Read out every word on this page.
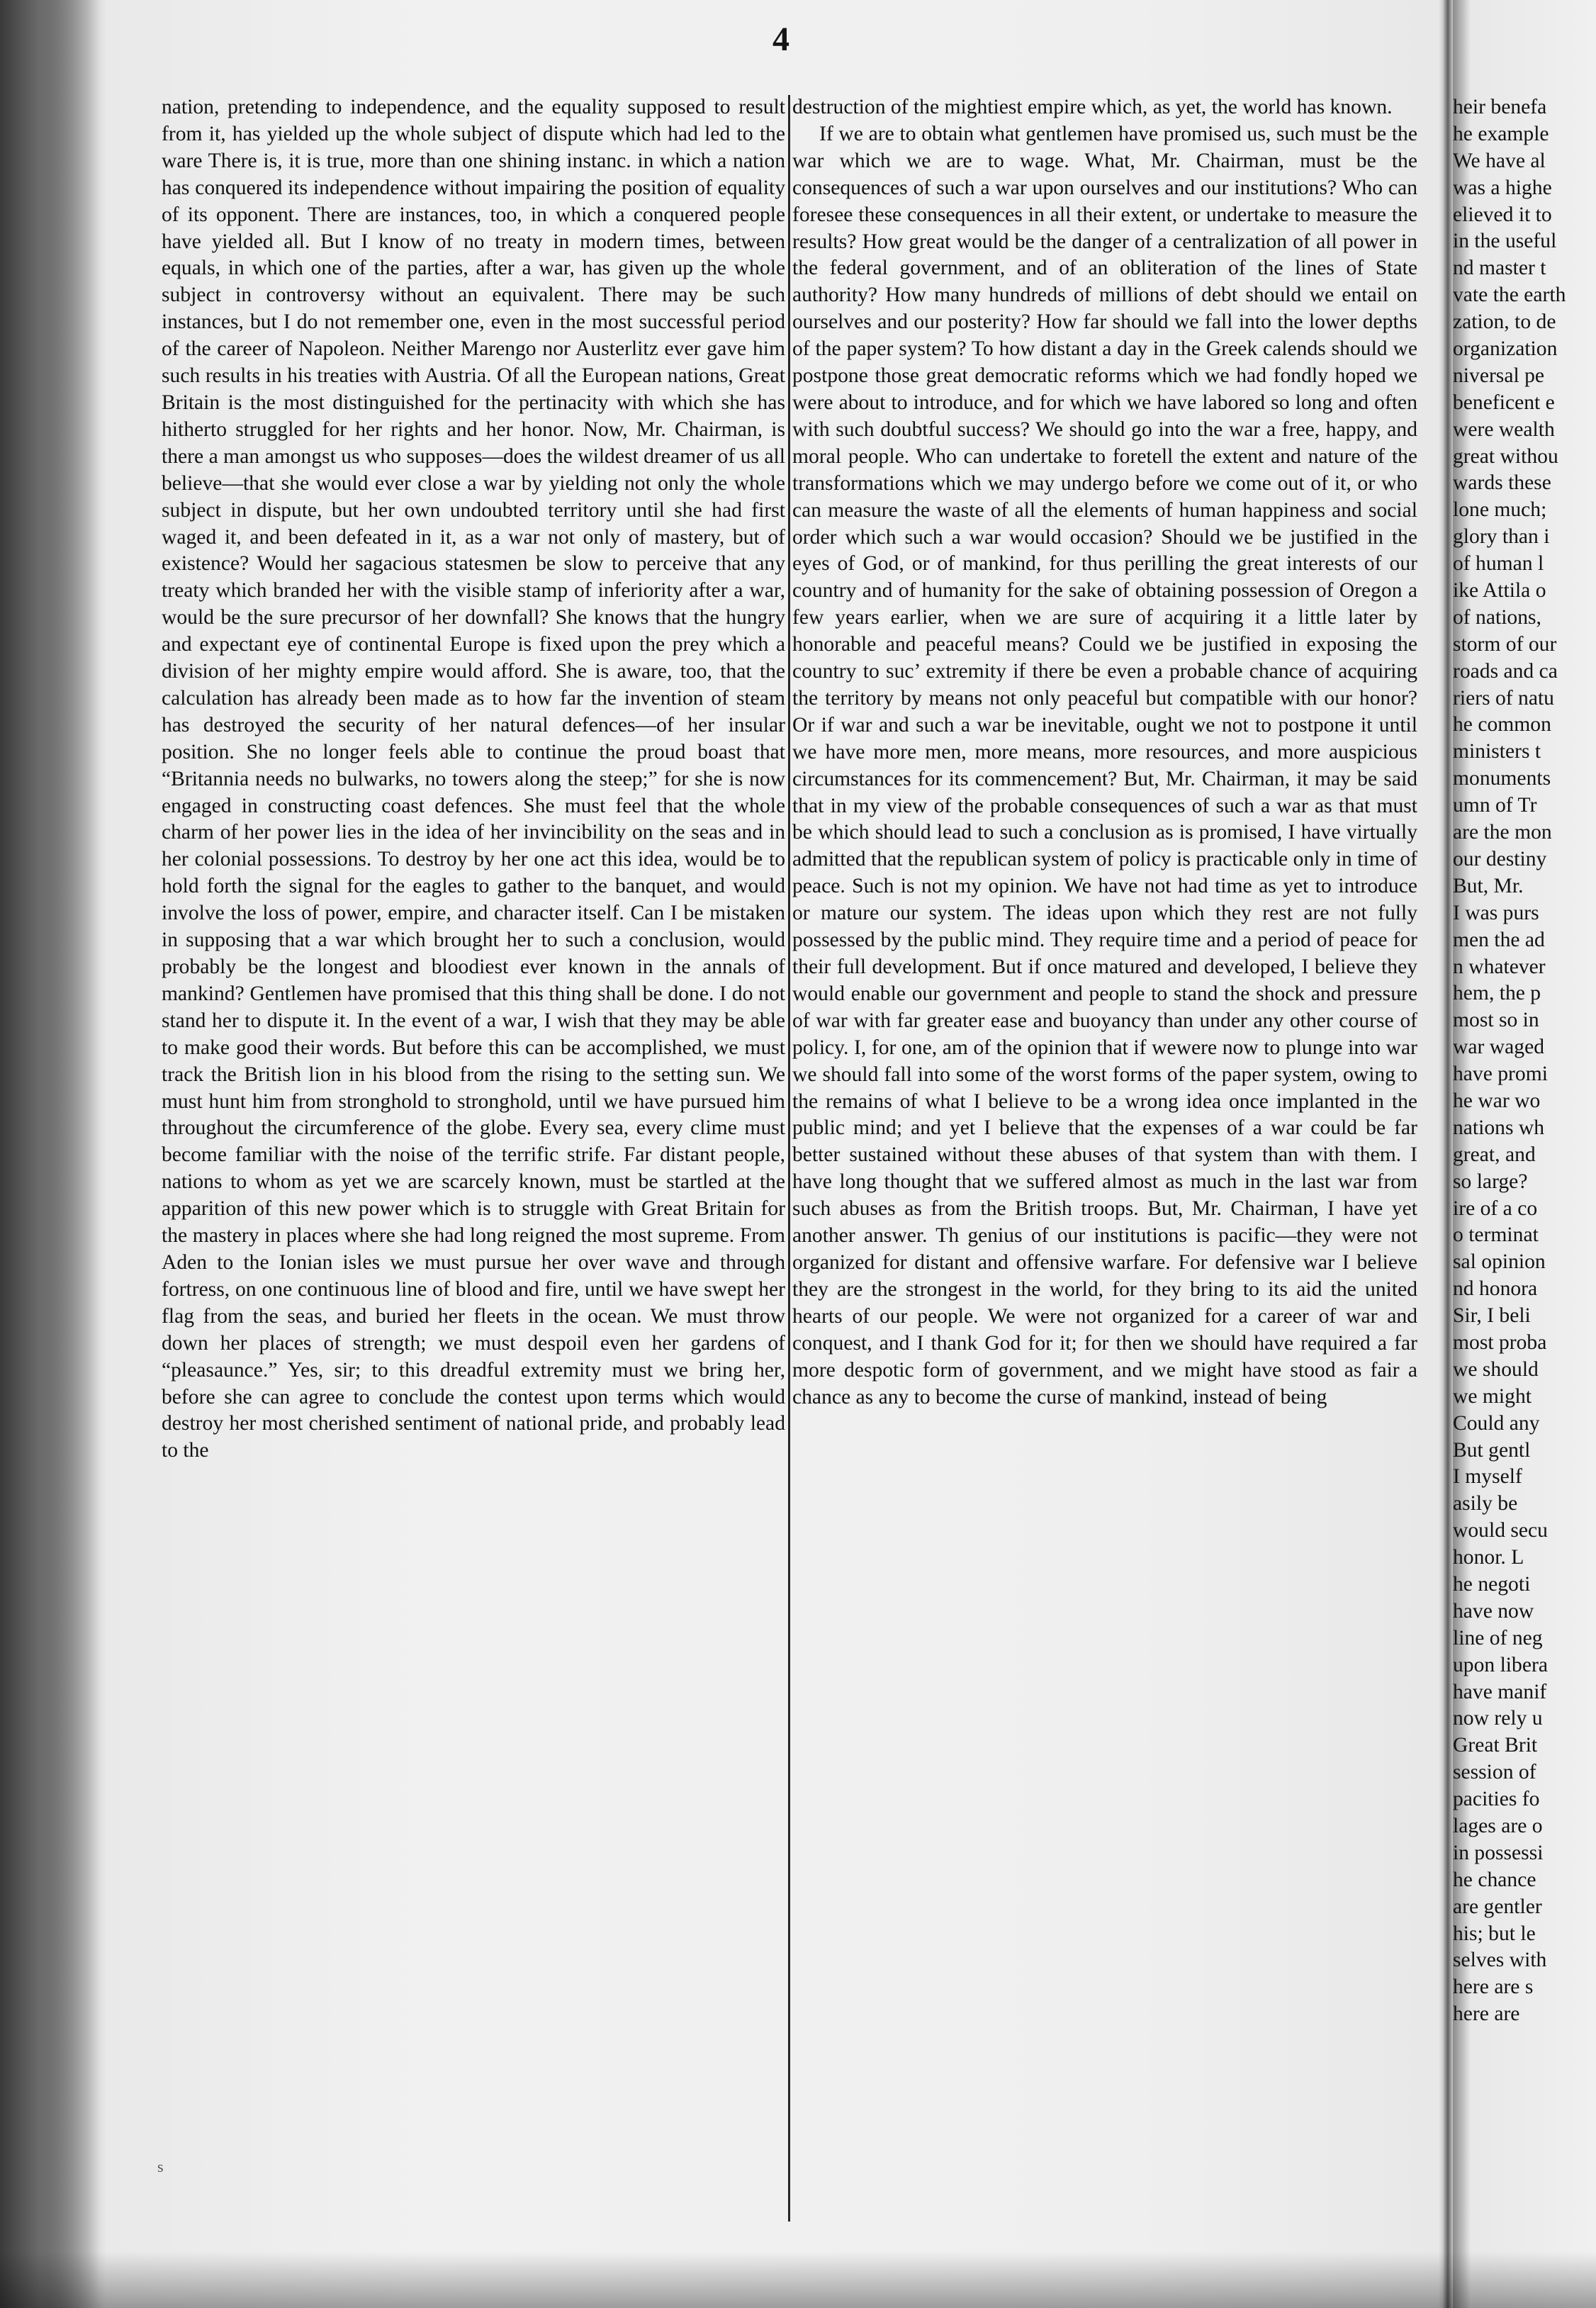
4

nation, pretending to independence, and the equality supposed to result from it, has yielded up the whole subject of dispute which had led to the ware There is, it is true, more than one shining instanc. in which a nation has conquered its independence without impairing the position of equality of its opponent. There are instances, too, in which a conquered people have yielded all. But I know of no treaty in modern times, between equals, in which one of the parties, after a war, has given up the whole subject in controversy without an equivalent. There may be such instances, but I do not remember one, even in the most successful period of the career of Napoleon. Neither Marengo nor Austerlitz ever gave him such results in his treaties with Austria. Of all the European nations, Great Britain is the most distinguished for the pertinacity with which she has hitherto struggled for her rights and her honor. Now, Mr. Chairman, is there a man amongst us who supposes—does the wildest dreamer of us all believe—that she would ever close a war by yielding not only the whole subject in dispute, but her own undoubted territory until she had first waged it, and been defeated in it, as a war not only of mastery, but of existence? Would her sagacious statesmen be slow to perceive that any treaty which branded her with the visible stamp of inferiority after a war, would be the sure precursor of her downfall? She knows that the hungry and expectant eye of continental Europe is fixed upon the prey which a division of her mighty empire would afford. She is aware, too, that the calculation has already been made as to how far the invention of steam has destroyed the security of her natural defences—of her insular position. She no longer feels able to continue the proud boast that “Britannia needs no bulwarks, no towers along the steep;” for she is now engaged in constructing coast defences. She must feel that the whole charm of her power lies in the idea of her invincibility on the seas and in her colonial possessions. To destroy by her one act this idea, would be to hold forth the signal for the eagles to gather to the banquet, and would involve the loss of power, empire, and character itself. Can I be mistaken in supposing that a war which brought her to such a conclusion, would probably be the longest and bloodiest ever known in the annals of mankind? Gentlemen have promised that this thing shall be done. I do not stand her to dispute it. In the event of a war, I wish that they may be able to make good their words. But before this can be accomplished, we must track the British lion in his blood from the rising to the setting sun. We must hunt him from stronghold to stronghold, until we have pursued him throughout the circumference of the globe. Every sea, every clime must become familiar with the noise of the terrific strife. Far distant people, nations to whom as yet we are scarcely known, must be startled at the apparition of this new power which is to struggle with Great Britain for the mastery in places where she had long reigned the most supreme. From Aden to the Ionian isles we must pursue her over wave and through fortress, on one continuous line of blood and fire, until we have swept her flag from the seas, and buried her fleets in the ocean. We must throw down her places of strength; we must despoil even her gardens of “pleasaunce.” Yes, sir; to this dreadful extremity must we bring her, before she can agree to conclude the contest upon terms which would destroy her most cherished sentiment of national pride, and probably lead to the

destruction of the mightiest empire which, as yet, the world has known.

If we are to obtain what gentlemen have promised us, such must be the war which we are to wage. What, Mr. Chairman, must be the consequences of such a war upon ourselves and our institutions? Who can foresee these consequences in all their extent, or undertake to measure the results? How great would be the danger of a centralization of all power in the federal government, and of an obliteration of the lines of State authority? How many hundreds of millions of debt should we entail on ourselves and our posterity? How far should we fall into the lower depths of the paper system? To how distant a day in the Greek calends should we postpone those great democratic reforms which we had fondly hoped we were about to introduce, and for which we have labored so long and often with such doubtful success? We should go into the war a free, happy, and moral people. Who can undertake to foretell the extent and nature of the transformations which we may undergo before we come out of it, or who can measure the waste of all the elements of human happiness and social order which such a war would occasion? Should we be justified in the eyes of God, or of mankind, for thus perilling the great interests of our country and of humanity for the sake of obtaining possession of Oregon a few years earlier, when we are sure of acquiring it a little later by honorable and peaceful means? Could we be justified in exposing the country to suc’ extremity if there be even a probable chance of acquiring the territory by means not only peaceful but compatible with our honor? Or if war and such a war be inevitable, ought we not to postpone it until we have more men, more means, more resources, and more auspicious circumstances for its commencement? But, Mr. Chairman, it may be said that in my view of the probable consequences of such a war as that must be which should lead to such a conclusion as is promised, I have virtually admitted that the republican system of policy is practicable only in time of peace. Such is not my opinion. We have not had time as yet to introduce or mature our system. The ideas upon which they rest are not fully possessed by the public mind. They require time and a period of peace for their full development. But if once matured and developed, I believe they would enable our government and people to stand the shock and pressure of war with far greater ease and buoyancy than under any other course of policy. I, for one, am of the opinion that if wewere now to plunge into war we should fall into some of the worst forms of the paper system, owing to the remains of what I believe to be a wrong idea once implanted in the public mind; and yet I believe that the expenses of a war could be far better sustained without these abuses of that system than with them. I have long thought that we suffered almost as much in the last war from such abuses as from the British troops. But, Mr. Chairman, I have yet another answer. Th genius of our institutions is pacific—they were not organized for distant and offensive warfare. For defensive war I believe they are the strongest in the world, for they bring to its aid the united hearts of our people. We were not organized for a career of war and conquest, and I thank God for it; for then we should have required a far more despotic form of government, and we might have stood as fair a chance as any to become the curse of mankind, instead of being

heir benefa
he example
We have al
was a highe
elieved it to
in the useful
nd master t
vate the earth
zation, to de
organization
niversal pe
beneficent e
were wealth
great withou
wards these
lone much;
glory than i
of human l
ike Attila o
of nations,
storm of our
roads and ca
riers of natu
he common
ministers t
monuments
umn of Tr
are the mon
our destiny
But, Mr.
I was purs
men the ad
n whatever
hem, the p
most so in
war waged
have promi
he war wo
nations wh
great, and
so large?
ire of a co
o terminat
sal opinion
nd honora
Sir, I beli
most proba
we should
we might
Could any
But gentl
I myself
asily be
would secu
honor. L
he negoti
have now
line of neg
upon libera
have manif
now rely u
Great Brit
session of
pacities fo
lages are o
in possessi
he chance
are gentler
his; but le
selves with
here are s
here are
s
